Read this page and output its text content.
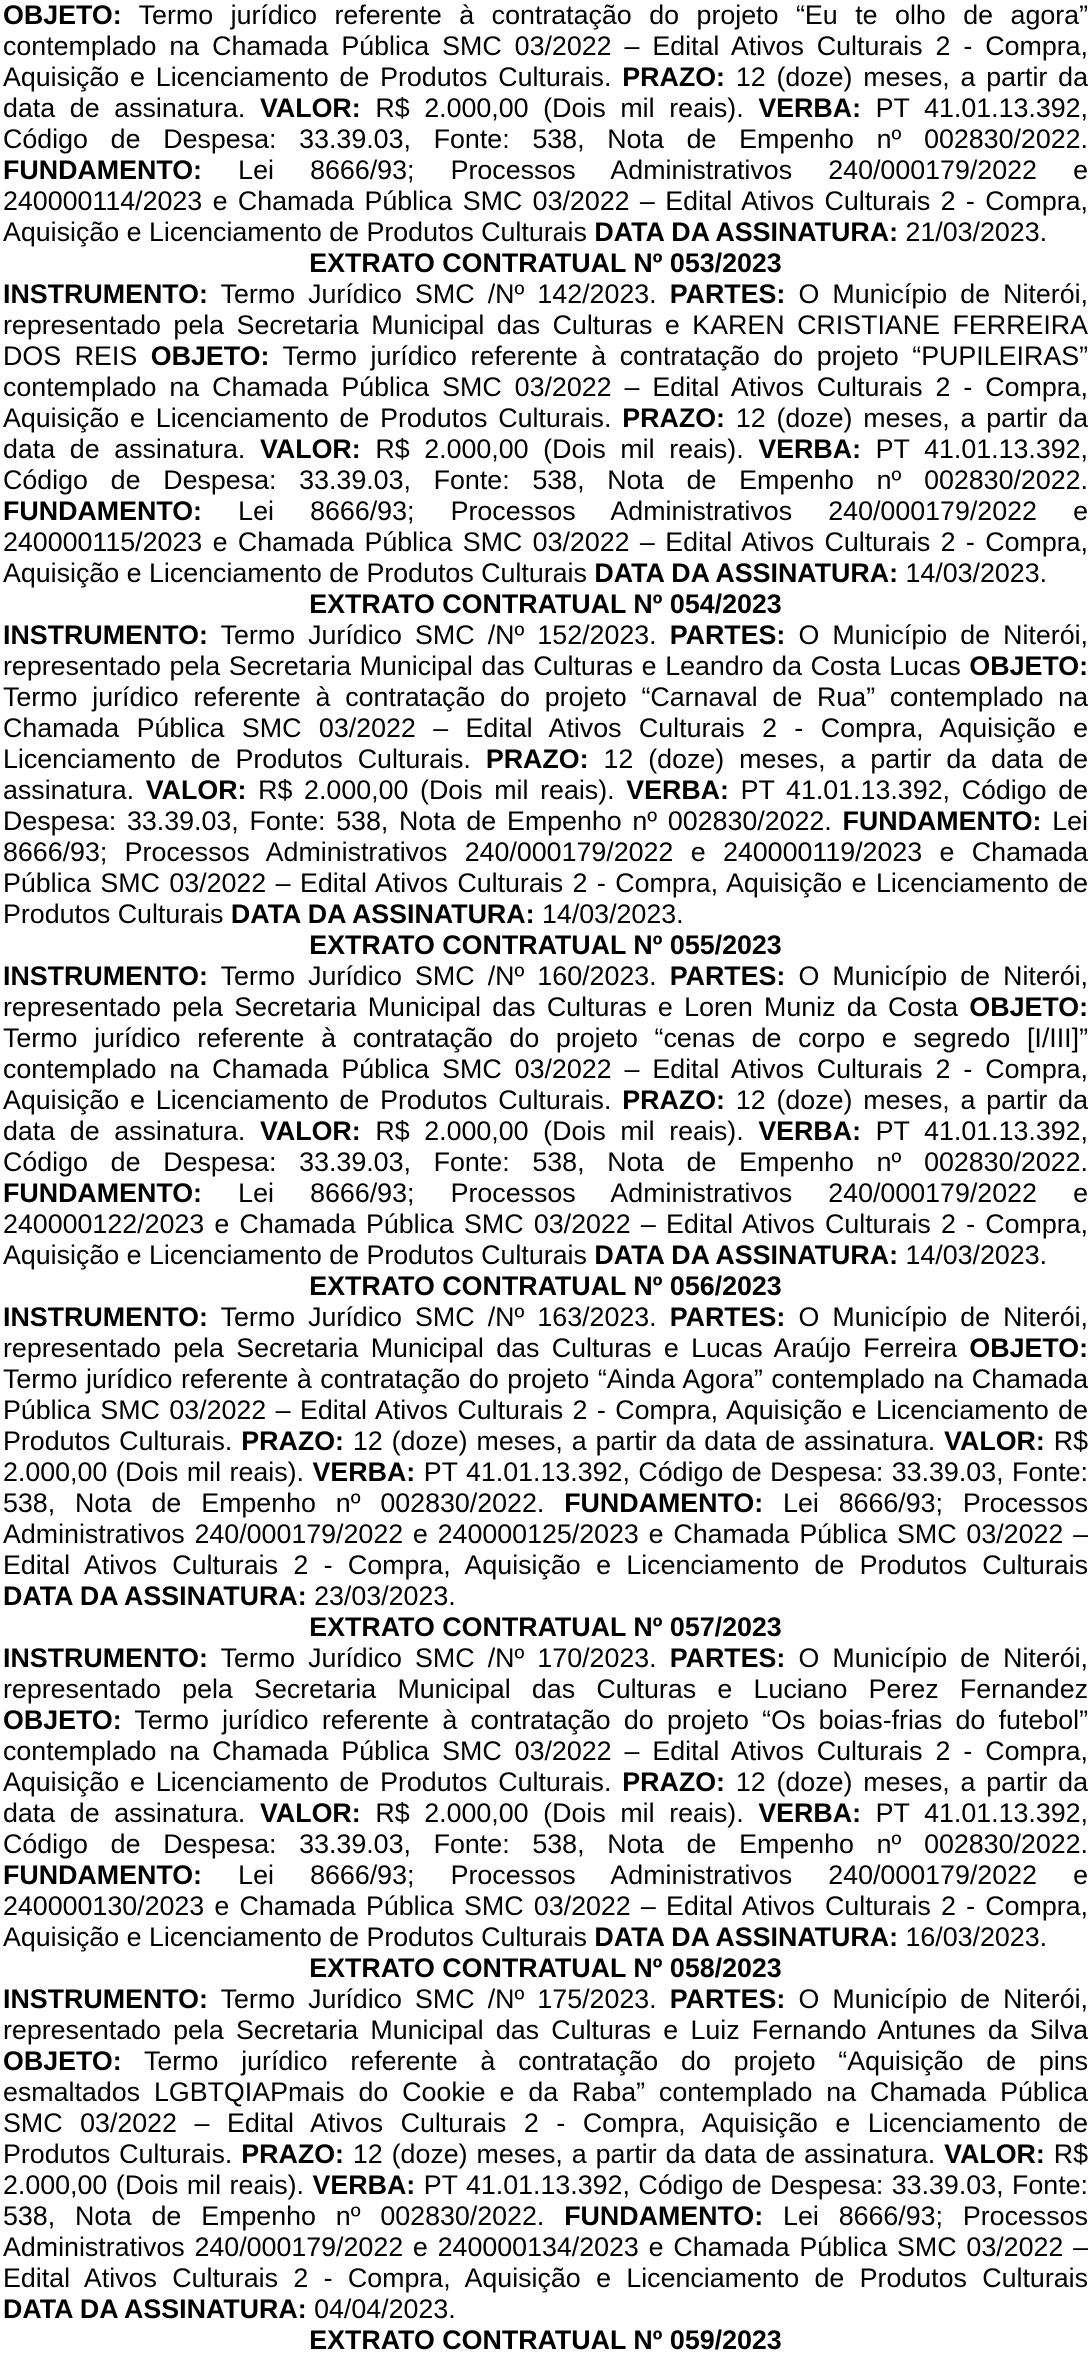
OBJETO: Termo jurídico referente à contratação do projeto “Eu te olho de agora”
contemplado na Chamada Pública SMC 03/2022 – Edital Ativos Culturais 2 - Compra,
Aquisição e Licenciamento de Produtos Culturais. PRAZO: 12 (doze) meses, a partir da
data de assinatura. VALOR: R$ 2.000,00 (Dois mil reais). VERBA: PT 41.01.13.392,
Código de Despesa: 33.39.03, Fonte: 538, Nota de Empenho nº 002830/2022.
FUNDAMENTO: Lei 8666/93; Processos Administrativos 240/000179/2022 e
240000114/2023 e Chamada Pública SMC 03/2022 – Edital Ativos Culturais 2 - Compra,
Aquisição e Licenciamento de Produtos Culturais DATA DA ASSINATURA: 21/03/2023.
EXTRATO CONTRATUAL Nº 053/2023
INSTRUMENTO: Termo Jurídico SMC /Nº 142/2023. PARTES: O Município de Niterói,
representado pela Secretaria Municipal das Culturas e KAREN CRISTIANE FERREIRA
DOS REIS OBJETO: Termo jurídico referente à contratação do projeto “PUPILEIRAS”
contemplado na Chamada Pública SMC 03/2022 – Edital Ativos Culturais 2 - Compra,
Aquisição e Licenciamento de Produtos Culturais. PRAZO: 12 (doze) meses, a partir da
data de assinatura. VALOR: R$ 2.000,00 (Dois mil reais). VERBA: PT 41.01.13.392,
Código de Despesa: 33.39.03, Fonte: 538, Nota de Empenho nº 002830/2022.
FUNDAMENTO: Lei 8666/93; Processos Administrativos 240/000179/2022 e
240000115/2023 e Chamada Pública SMC 03/2022 – Edital Ativos Culturais 2 - Compra,
Aquisição e Licenciamento de Produtos Culturais DATA DA ASSINATURA: 14/03/2023.
EXTRATO CONTRATUAL Nº 054/2023
INSTRUMENTO: Termo Jurídico SMC /Nº 152/2023. PARTES: O Município de Niterói,
representado pela Secretaria Municipal das Culturas e Leandro da Costa Lucas OBJETO:
Termo jurídico referente à contratação do projeto “Carnaval de Rua” contemplado na
Chamada Pública SMC 03/2022 – Edital Ativos Culturais 2 - Compra, Aquisição e
Licenciamento de Produtos Culturais. PRAZO: 12 (doze) meses, a partir da data de
assinatura. VALOR: R$ 2.000,00 (Dois mil reais). VERBA: PT 41.01.13.392, Código de
Despesa: 33.39.03, Fonte: 538, Nota de Empenho nº 002830/2022. FUNDAMENTO: Lei
8666/93; Processos Administrativos 240/000179/2022 e 240000119/2023 e Chamada
Pública SMC 03/2022 – Edital Ativos Culturais 2 - Compra, Aquisição e Licenciamento de
Produtos Culturais DATA DA ASSINATURA: 14/03/2023.
EXTRATO CONTRATUAL Nº 055/2023
INSTRUMENTO: Termo Jurídico SMC /Nº 160/2023. PARTES: O Município de Niterói,
representado pela Secretaria Municipal das Culturas e Loren Muniz da Costa OBJETO:
Termo jurídico referente à contratação do projeto “cenas de corpo e segredo [I/III]”
contemplado na Chamada Pública SMC 03/2022 – Edital Ativos Culturais 2 - Compra,
Aquisição e Licenciamento de Produtos Culturais. PRAZO: 12 (doze) meses, a partir da
data de assinatura. VALOR: R$ 2.000,00 (Dois mil reais). VERBA: PT 41.01.13.392,
Código de Despesa: 33.39.03, Fonte: 538, Nota de Empenho nº 002830/2022.
FUNDAMENTO: Lei 8666/93; Processos Administrativos 240/000179/2022 e
240000122/2023 e Chamada Pública SMC 03/2022 – Edital Ativos Culturais 2 - Compra,
Aquisição e Licenciamento de Produtos Culturais DATA DA ASSINATURA: 14/03/2023.
EXTRATO CONTRATUAL Nº 056/2023
INSTRUMENTO: Termo Jurídico SMC /Nº 163/2023. PARTES: O Município de Niterói,
representado pela Secretaria Municipal das Culturas e Lucas Araújo Ferreira OBJETO:
Termo jurídico referente à contratação do projeto “Ainda Agora” contemplado na Chamada
Pública SMC 03/2022 – Edital Ativos Culturais 2 - Compra, Aquisição e Licenciamento de
Produtos Culturais. PRAZO: 12 (doze) meses, a partir da data de assinatura. VALOR: R$
2.000,00 (Dois mil reais). VERBA: PT 41.01.13.392, Código de Despesa: 33.39.03, Fonte:
538, Nota de Empenho nº 002830/2022. FUNDAMENTO: Lei 8666/93; Processos
Administrativos 240/000179/2022 e 240000125/2023 e Chamada Pública SMC 03/2022 –
Edital Ativos Culturais 2 - Compra, Aquisição e Licenciamento de Produtos Culturais
DATA DA ASSINATURA: 23/03/2023.
EXTRATO CONTRATUAL Nº 057/2023
INSTRUMENTO: Termo Jurídico SMC /Nº 170/2023. PARTES: O Município de Niterói,
representado pela Secretaria Municipal das Culturas e Luciano Perez Fernandez
OBJETO: Termo jurídico referente à contratação do projeto “Os boias-frias do futebol”
contemplado na Chamada Pública SMC 03/2022 – Edital Ativos Culturais 2 - Compra,
Aquisição e Licenciamento de Produtos Culturais. PRAZO: 12 (doze) meses, a partir da
data de assinatura. VALOR: R$ 2.000,00 (Dois mil reais). VERBA: PT 41.01.13.392,
Código de Despesa: 33.39.03, Fonte: 538, Nota de Empenho nº 002830/2022.
FUNDAMENTO: Lei 8666/93; Processos Administrativos 240/000179/2022 e
240000130/2023 e Chamada Pública SMC 03/2022 – Edital Ativos Culturais 2 - Compra,
Aquisição e Licenciamento de Produtos Culturais DATA DA ASSINATURA: 16/03/2023.
EXTRATO CONTRATUAL Nº 058/2023
INSTRUMENTO: Termo Jurídico SMC /Nº 175/2023. PARTES: O Município de Niterói,
representado pela Secretaria Municipal das Culturas e Luiz Fernando Antunes da Silva
OBJETO: Termo jurídico referente à contratação do projeto “Aquisição de pins
esmaltados LGBTQIAPmais do Cookie e da Raba” contemplado na Chamada Pública
SMC 03/2022 – Edital Ativos Culturais 2 - Compra, Aquisição e Licenciamento de
Produtos Culturais. PRAZO: 12 (doze) meses, a partir da data de assinatura. VALOR: R$
2.000,00 (Dois mil reais). VERBA: PT 41.01.13.392, Código de Despesa: 33.39.03, Fonte:
538, Nota de Empenho nº 002830/2022. FUNDAMENTO: Lei 8666/93; Processos
Administrativos 240/000179/2022 e 240000134/2023 e Chamada Pública SMC 03/2022 –
Edital Ativos Culturais 2 - Compra, Aquisição e Licenciamento de Produtos Culturais
DATA DA ASSINATURA: 04/04/2023.
EXTRATO CONTRATUAL Nº 059/2023
